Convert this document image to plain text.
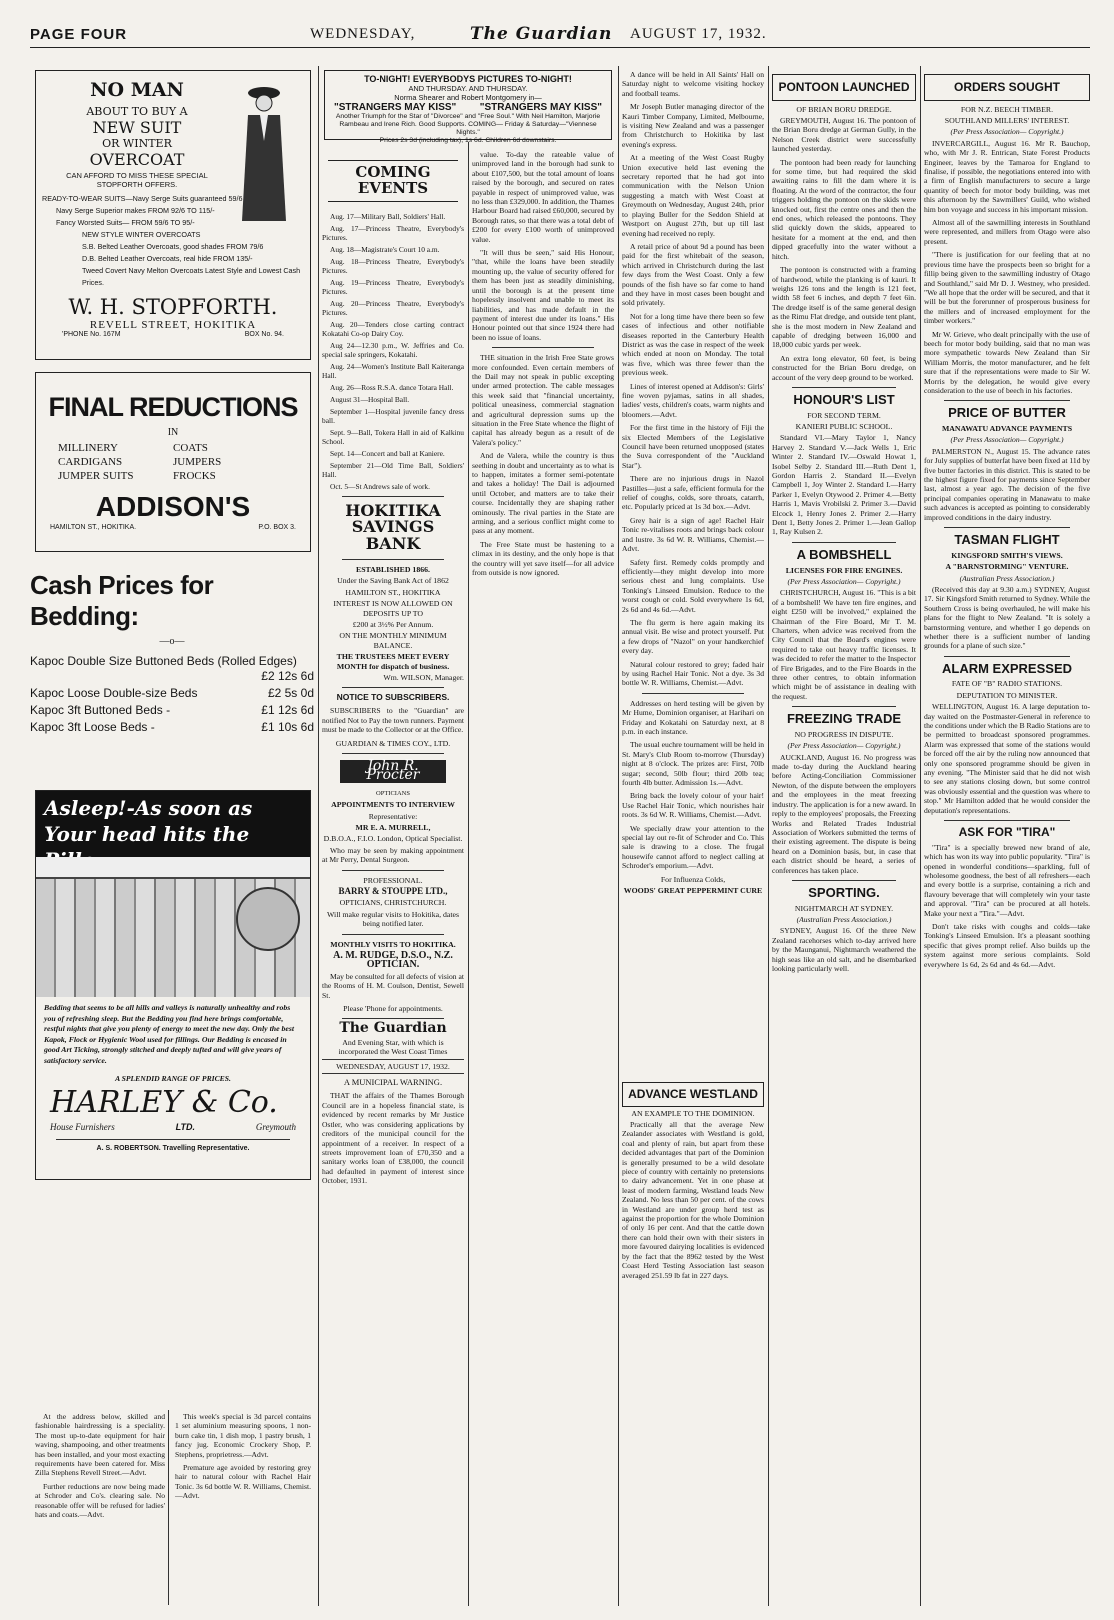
PAGE FOUR	WEDNESDAY,	The Guardian AUGUST 17, 1932.
NO MAN
ABOUT TO BUY A
NEW SUIT
OR WINTER
OVERCOAT
CAN AFFORD TO MISS THESE SPECIAL STOPFORTH OFFERS.
READY-TO-WEAR SUITS—Navy Serge Suits guaranteed 59/6
Navy Serge Superior makes FROM 92/6 TO 115/-
Fancy Worsted Suits— FROM 59/6 TO 95/-
NEW STYLE WINTER OVERCOATS
S.B. Belted Leather Overcoats, good shades FROM 79/6
D.B. Belted Leather Overcoats, real hide FROM 135/-
Tweed Covert Navy Melton Overcoats Latest Style and Lowest Cash Prices.
W. H. STOPFORTH.
REVELL STREET, HOKITIKA
'PHONE No. 167M	BOX No. 94.
FINAL REDUCTIONS
IN
MILLINERY	COATS
CARDIGANS	JUMPERS
JUMPER SUITS	FROCKS
ADDISON'S
HAMILTON ST., HOKITIKA.	P.O. BOX 3.
Cash Prices for Bedding:
—o—
Kapoc Double Size Buttoned Beds (Rolled Edges)
£2 12s 6d
Kapoc Loose Double-size Beds	£2 5s 0d
Kapoc 3ft Buttoned Beds -	£1 12s 6d
Kapoc 3ft Loose Beds -	£1 10s 6d
Asleep!-As soon as Your head hits the
Bedding that seems to be all hills and valleys is naturally unhealthy and robs you of refreshing sleep. But the Bedding you find here brings comfortable, restful nights that give you plenty of energy to meet the new day. Only the best Kapok, Flock or Hygienic Wool used for fillings. Our Bedding is encased in good Art Ticking, strongly stitched and deeply tufted and will give years of satisfactory service.
A SPLENDID RANGE OF PRICES.
HARLEY & Co.
House Furnishers	LTD.	Greymouth
A. S. ROBERTSON. Travelling Representative.

At the address below, skilled and fashionable hairdressing is a speciality. The most up-to-date equipment for hair waving, shampooing, and other treatments has been installed, and your most exacting requirements have been catered for. Miss Zilla Stephens Revell Street.—Advt.

Further reductions are now being made at Schroder and Co's. clearing sale. No reasonable offer will be refused for ladies' hats and coats.—Advt.

This week's special is 3d parcel contains 1 set aluminium measuring spoons, 1 non-burn cake tin, 1 dish mop, 1 pastry brush, 1 fancy jug. Economic Crockery Shop, P. Stephens, proprietress.—Advt.

Premature age avoided by restoring grey hair to natural colour with Rachel Hair Tonic. 3s 6d bottle W. R. Williams, Chemist.—Advt.

TO-NIGHT! EVERYBODYS PICTURES TO-NIGHT!
AND THURSDAY. AND THURSDAY.
Norma Shearer and Robert Montgomery in—
"STRANGERS MAY KISS" "STRANGERS MAY KISS"
Another Triumph for the Star of "Divorcee" and "Free Soul." With Neil Hamilton, Marjorie Rambeau and Irene Rich. Good Supports. COMING— Friday & Saturday—"Viennese Nights."
Prices 2s 3d (including tax), 1s 6d. Children 6d downstairs.
COMING EVENTS

Aug. 17—Military Ball, Soldiers' Hall.

Aug. 17—Princess Theatre, Everybody's Pictures.

Aug. 18—Magistrate's Court 10 a.m.

Aug. 18—Princess Theatre, Everybody's Pictures.

Aug. 19—Princess Theatre, Everybody's Pictures.

Aug. 20—Princess Theatre, Everybody's Pictures.

Aug. 20—Tenders close carting contract Kokatahi Co-op Dairy Coy.

Aug 24—12.30 p.m., W. Jeffries and Co. special sale springers, Kokatahi.

Aug. 24—Women's Institute Ball Kaiteranga Hall.

Aug. 26—Ross R.S.A. dance Totara Hall.

August 31—Hospital Ball.

September 1—Hospital juvenile fancy dress ball.

Sept. 9—Ball, Tokera Hall in aid of Kalkinu School.

Sept. 14—Concert and ball at Kaniere.

September 21—Old Time Ball, Soldiers' Hall.

Oct. 5—St Andrews sale of work.

HOKITIKA SAVINGS BANK
ESTABLISHED 1866.
Under the Saving Bank Act of 1862
HAMILTON ST., HOKITIKA
INTEREST IS NOW ALLOWED ON DEPOSITS UP TO
£200 at 3½% Per Annum.
ON THE MONTHLY MINIMUM BALANCE.
THE TRUSTEES MEET EVERY MONTH for dispatch of business.
Wm. WILSON, Manager.
NOTICE TO SUBSCRIBERS.

SUBSCRIBERS to the "Guardian" are notified Not to Pay the town runners. Payment must be made to the Collector or at the Office.

GUARDIAN & TIMES COY., LTD.
John R. Procter
OPTICIANS
APPOINTMENTS TO INTERVIEW
Representative:
MR E. A. MURRELL,
D.B.O.A., F.I.O. London, Optical Specialist.

Who may be seen by making appointment at Mr Perry, Dental Surgeon.

PROFESSIONAL.
BARRY & STOUPPE LTD.,
OPTICIANS, CHRISTCHURCH.
Will make regular visits to Hokitika, dates being notified later.
MONTHLY VISITS TO HOKITIKA.
A. M. RUDGE, D.S.O., N.Z. OPTICIAN.

May be consulted for all defects of vision at the Rooms of H. M. Coulson, Dentist, Sewell St.

Please 'Phone for appointments.
The Guardian
And Evening Star, with which is incorporated the West Coast Times
WEDNESDAY, AUGUST 17, 1932.
A MUNICIPAL WARNING.

THAT the affairs of the Thames Borough Council are in a hopeless financial state, is evidenced by recent remarks by Mr Justice Ostler, who was considering applications by creditors of the municipal council for the appointment of a receiver. In respect of a streets improvement loan of £70,350 and a sanitary works loan of £38,000, the council had defaulted in payment of interest since October, 1931.

value. To-day the rateable value of unimproved land in the borough had sunk to about £107,500, but the total amount of loans raised by the borough, and secured on rates payable in respect of unimproved value, was no less than £329,000. In addition, the Thames Harbour Board had raised £60,000, secured by Borough rates, so that there was a total debt of £200 for every £100 worth of unimproved value.

"It will thus be seen," said His Honour, "that, while the loans have been steadily mounting up, the value of security offered for them has been just as steadily diminishing, until the borough is at the present time hopelessly insolvent and unable to meet its liabilities, and has made default in the payment of interest due under its loans." His Honour pointed out that since 1924 there had been no issue of loans.

THE situation in the Irish Free State grows more confounded. Even certain members of the Dail may not speak in public excepting under armed protection. The cable messages this week said that "financial uncertainty, political uneasiness, commercial stagnation and agricultural depression sums up the situation in the Free State whence the flight of capital has already begun as a result of de Valera's policy."

And de Valera, while the country is thus seething in doubt and uncertainty as to what is to happen, imitates a former semi-potentate and takes a holiday! The Dail is adjourned until October, and matters are to take their course. Incidentally they are shaping rather ominously. The rival parties in the State are arming, and a serious conflict might come to pass at any moment.

The Free State must be hastening to a climax in its destiny, and the only hope is that the country will yet save itself—for all advice from outside is now ignored.

A dance will be held in All Saints' Hall on Saturday night to welcome visiting hockey and football teams.

Mr Joseph Butler managing director of the Kauri Timber Company, Limited, Melbourne, is visiting New Zealand and was a passenger from Christchurch to Hokitika by last evening's express.

At a meeting of the West Coast Rugby Union executive held last evening the secretary reported that he had got into communication with the Nelson Union suggesting a match with West Coast at Greymouth on Wednesday, August 24th, prior to playing Buller for the Seddon Shield at Westport on August 27th, but up till last evening had received no reply.

A retail price of about 9d a pound has been paid for the first whitebait of the season, which arrived in Christchurch during the last few days from the West Coast. Only a few pounds of the fish have so far come to hand and they have in most cases been bought and sold privately.

Not for a long time have there been so few cases of infectious and other notifiable diseases reported in the Canterbury Health District as was the case in respect of the week which ended at noon on Monday. The total was five, which was three fewer than the previous week.

Lines of interest opened at Addison's: Girls' fine woven pyjamas, satins in all shades, ladies' vests, children's coats, warm nights and bloomers.—Advt.

For the first time in the history of Fiji the six Elected Members of the Legislative Council have been returned unopposed (states the Suva correspondent of the "Auckland Star").

There are no injurious drugs in Nazol Pastilles—just a safe, efficient formula for the relief of coughs, colds, sore throats, catarrh, etc. Popularly priced at 1s 3d box.—Advt.

Grey hair is a sign of age! Rachel Hair Tonic re-vitalises roots and brings back colour and lustre. 3s 6d W. R. Williams, Chemist.—Advt.

Safety first. Remedy colds promptly and efficiently—they might develop into more serious chest and lung complaints. Use Tonking's Linseed Emulsion. Reduce to the worst cough or cold. Sold everywhere 1s 6d, 2s 6d and 4s 6d.—Advt.

The flu germ is here again making its annual visit. Be wise and protect yourself. Put a few drops of "Nazol" on your handkerchief every day.

Natural colour restored to grey; faded hair by using Rachel Hair Tonic. Not a dye. 3s 3d bottle W. R. Williams, Chemist.—Advt.

Addresses on herd testing will be given by Mr Hume, Dominion organiser, at Harihari on Friday and Kokatahi on Saturday next, at 8 p.m. in each instance.

The usual euchre tournament will be held in St. Mary's Club Room to-morrow (Thursday) night at 8 o'clock. The prizes are: First, 70lb sugar; second, 50lb flour; third 20lb tea; fourth 4lb butter. Admission 1s.—Advt.

Bring back the lovely colour of your hair! Use Rachel Hair Tonic, which nourishes hair roots. 3s 6d W. R. Williams, Chemist.—Advt.

We specially draw your attention to the special lay out re-fit of Schroder and Co. This sale is drawing to a close. The frugal housewife cannot afford to neglect calling at Schroder's emporium.—Advt.

For Influenza Colds,
WOODS' GREAT PEPPERMINT CURE
PONTOON LAUNCHED
OF BRIAN BORU DREDGE.

GREYMOUTH, August 16. The pontoon of the Brian Boru dredge at German Gully, in the Nelson Creek district were successfully launched yesterday.

The pontoon had been ready for launching for some time, but had required the skid awaiting rains to fill the dam where it is floating. At the word of the contractor, the four triggers holding the pontoon on the skids were knocked out, first the centre ones and then the end ones, which released the pontoons. They slid quickly down the skids, appeared to hesitate for a moment at the end, and then dipped gracefully into the water without a hitch.

The pontoon is constructed with a framing of hardwood, while the planking is of kauri. It weighs 126 tons and the length is 121 feet, width 58 feet 6 inches, and depth 7 feet 6in. The dredge itself is of the same general design as the Rimu Flat dredge, and outside tent plant, she is the most modern in New Zealand and capable of dredging between 16,000 and 18,000 cubic yards per week.

An extra long elevator, 60 feet, is being constructed for the Brian Boru dredge, on account of the very deep ground to be worked.

HONOUR'S LIST
FOR SECOND TERM.
KANIERI PUBLIC SCHOOL.

Standard VI.—Mary Taylor 1, Nancy Harvey 2. Standard V.—Jack Wells 1, Eric Winter 2. Standard IV.—Oswald Howat 1, Isobel Selby 2. Standard III.—Ruth Dent 1, Gordon Harris 2. Standard II.—Evelyn Campbell 1, Joy Winter 2. Standard I.—Harry Parker 1, Evelyn Otywood 2. Primer 4.—Betty Harris 1, Mavis Vrobilski 2. Primer 3.—David Elcock 1, Henry Jones 2. Primer 2.—Harry Dent 1, Betty Jones 2. Primer 1.—Jean Gallop 1, Ray Kulsen 2.

A BOMBSHELL
LICENSES FOR FIRE ENGINES.
(Per Press Association— Copyright.)

CHRISTCHURCH, August 16. "This is a bit of a bombshell! We have ten fire engines, and eight £250 will be involved," explained the Chairman of the Fire Board, Mr T. M. Charters, when advice was received from the City Council that the Board's engines were required to take out heavy traffic licenses. It was decided to refer the matter to the Inspector of Fire Brigades, and to the Fire Boards in the three other centres, to obtain information which might be of assistance in dealing with the request.

FREEZING TRADE
NO PROGRESS IN DISPUTE.
(Per Press Association— Copyright.)

AUCKLAND, August 16. No progress was made to-day during the Auckland hearing before Acting-Conciliation Commissioner Newton, of the dispute between the employers and the employees in the meat freezing industry. The application is for a new award. In reply to the employees' proposals, the Freezing Works and Related Trades Industrial Association of Workers submitted the terms of their existing agreement. The dispute is being heard on a Dominion basis, but, in case that each district should be heard, a series of conferences has taken place.

SPORTING.
NIGHTMARCH AT SYDNEY.
(Australian Press Association.)

SYDNEY, August 16. Of the three New Zealand racehorses which to-day arrived here by the Maunganui, Nightmarch weathered the high seas like an old salt, and he disembarked looking particularly well.

ADVANCE WESTLAND
AN EXAMPLE TO THE DOMINION.

Practically all that the average New Zealander associates with Westland is gold, coal and plenty of rain, but apart from these decided advantages that part of the Dominion is generally presumed to be a wild desolate piece of country with certainly no pretensions to dairy advancement. Yet in one phase at least of modern farming, Westland leads New Zealand. No less than 50 per cent. of the cows in Westland are under group herd test as against the proportion for the whole Dominion of only 16 per cent. And that the cattle down there can hold their own with their sisters in more favoured dairying localities is evidenced by the fact that the 8962 tested by the West Coast Herd Testing Association last season averaged 251.59 lb fat in 227 days.

ORDERS SOUGHT
FOR N.Z. BEECH TIMBER.
SOUTHLAND MILLERS' INTEREST.
(Per Press Association— Copyright.)

INVERCARGILL, August 16. Mr R. Bauchop, who, with Mr J. R. Entrican, State Forest Products Engineer, leaves by the Tamaroa for England to finalise, if possible, the negotiations entered into with a firm of English manufacturers to secure a large quantity of beech for motor body building, was met this afternoon by the Sawmillers' Guild, who wished him bon voyage and success in his important mission.

Almost all of the sawmilling interests in Southland were represented, and millers from Otago were also present.

"There is justification for our feeling that at no previous time have the prospects been so bright for a fillip being given to the sawmilling industry of Otago and Southland," said Mr D. J. Westney, who presided. "We all hope that the order will be secured, and that it will be but the forerunner of prosperous business for the millers and of increased employment for the timber workers."

Mr W. Grieve, who dealt principally with the use of beech for motor body building, said that no man was more sympathetic towards New Zealand than Sir William Morris, the motor manufacturer, and he felt sure that if the representations were made to Sir W. Morris by the delegation, he would give every consideration to the use of beech in his factories.

PRICE OF BUTTER
MANAWATU ADVANCE PAYMENTS
(Per Press Association— Copyright.)

PALMERSTON N., August 15. The advance rates for July supplies of butterfat have been fixed at 11d by five butter factories in this district. This is stated to be the highest figure fixed for payments since September last, almost a year ago. The decision of the five principal companies operating in Manawatu to make such advances is accepted as pointing to considerably improved conditions in the dairy industry.

TASMAN FLIGHT
KINGSFORD SMITH'S VIEWS.
A "BARNSTORMING" VENTURE.
(Australian Press Association.)

(Received this day at 9.30 a.m.) SYDNEY, August 17. Sir Kingsford Smith returned to Sydney. While the Southern Cross is being overhauled, he will make his plans for the flight to New Zealand. "It is solely a barnstorming venture, and whether I go depends on whether there is a sufficient number of landing grounds for a plane of such size."

ALARM EXPRESSED
FATE OF "B" RADIO STATIONS.
DEPUTATION TO MINISTER.

WELLINGTON, August 16. A large deputation to-day waited on the Postmaster-General in reference to the conditions under which the B Radio Stations are to be permitted to broadcast sponsored programmes. Alarm was expressed that some of the stations would be forced off the air by the ruling now announced that only one sponsored programme should be given in any evening. "The Minister said that he did not wish to see any stations closing down, but some control was obviously essential and the question was where to stop." Mr Hamilton added that he would consider the deputation's representations.

ASK FOR "TIRA"

"Tira" is a specially brewed new brand of ale, which has won its way into public popularity. "Tira" is opened in wonderful conditions—sparkling, full of wholesome goodness, the best of all refreshers—each and every bottle is a surprise, containing a rich and flavoury beverage that will completely win your taste and approval. "Tira" can be procured at all hotels. Make your next a "Tira."—Advt.

Don't take risks with coughs and colds—take Tonking's Linseed Emulsion. It's a pleasant soothing specific that gives prompt relief. Also builds up the system against more serious complaints. Sold everywhere 1s 6d, 2s 6d and 4s 6d.—Advt.
